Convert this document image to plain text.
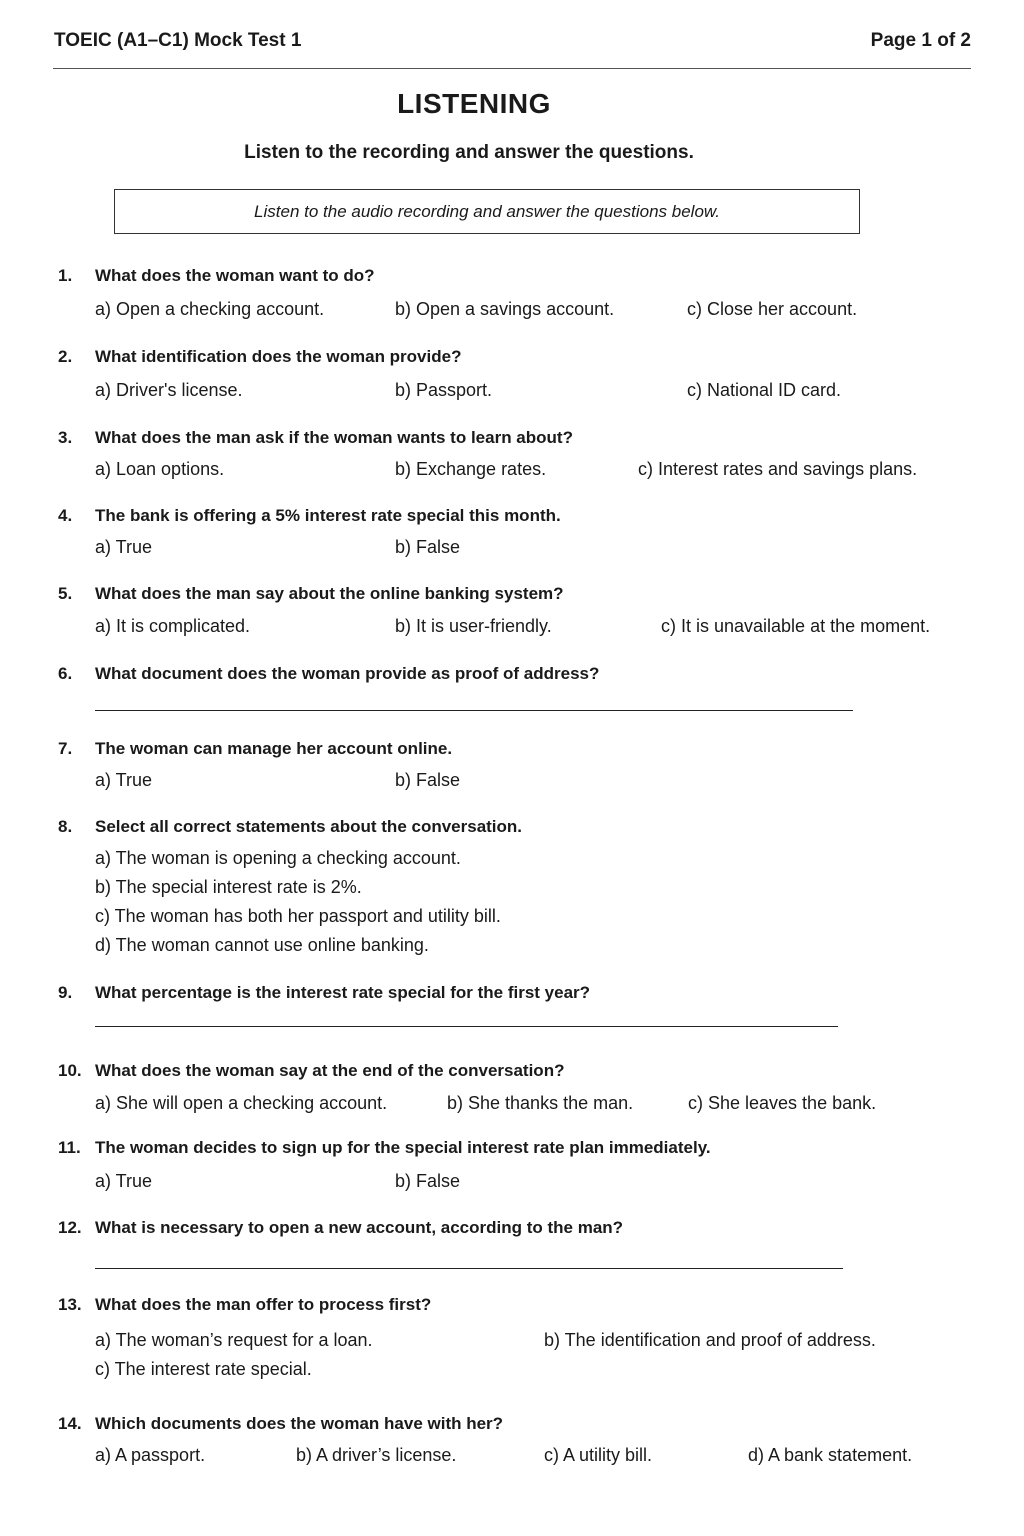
TOEIC (A1–C1) Mock Test 1	Page 1 of 2
LISTENING
Listen to the recording and answer the questions.
Listen to the audio recording and answer the questions below.
1. What does the woman want to do?
a) Open a checking account.	b) Open a savings account.	c) Close her account.
2. What identification does the woman provide?
a) Driver's license.	b) Passport.	c) National ID card.
3. What does the man ask if the woman wants to learn about?
a) Loan options.	b) Exchange rates.	c) Interest rates and savings plans.
4. The bank is offering a 5% interest rate special this month.
a) True	b) False
5. What does the man say about the online banking system?
a) It is complicated.	b) It is user-friendly.	c) It is unavailable at the moment.
6. What document does the woman provide as proof of address?
7. The woman can manage her account online.
a) True	b) False
8. Select all correct statements about the conversation.
a) The woman is opening a checking account.
b) The special interest rate is 2%.
c) The woman has both her passport and utility bill.
d) The woman cannot use online banking.
9. What percentage is the interest rate special for the first year?
10. What does the woman say at the end of the conversation?
a) She will open a checking account.	b) She thanks the man.	c) She leaves the bank.
11. The woman decides to sign up for the special interest rate plan immediately.
a) True	b) False
12. What is necessary to open a new account, according to the man?
13. What does the man offer to process first?
a) The woman’s request for a loan.	b) The identification and proof of address.
c) The interest rate special.
14. Which documents does the woman have with her?
a) A passport.	b) A driver’s license.	c) A utility bill.	d) A bank statement.
